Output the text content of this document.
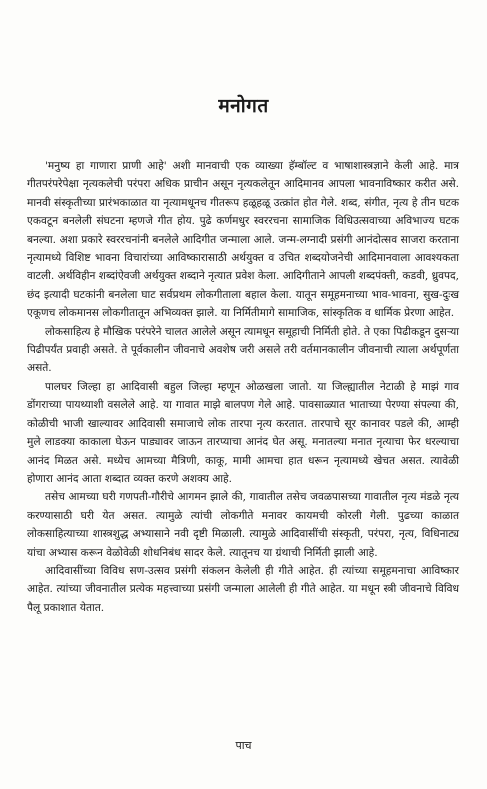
मनोगत

'मनुष्य हा गाणारा प्राणी आहे' अशी मानवाची एक व्याख्या हॅम्बॉल्ट व भाषाशास्त्रज्ञाने केली आहे. मात्र गीतपरंपरेपेक्षा नृत्यकलेची परंपरा अधिक प्राचीन असून नृत्यकलेतून आदिमानव आपला भावनाविष्कार करीत असे. मानवी संस्कृतीच्या प्रारंभकाळात या नृत्यामधूनच गीतरूप हळूहळू उत्क्रांत होत गेले. शब्द, संगीत, नृत्य हे तीन घटक एकवटून बनलेली संघटना म्हणजे गीत होय. पुढे कर्णमधुर स्वररचना सामाजिक विधिउत्सवाच्या अविभाज्य घटक बनल्या. अशा प्रकारे स्वररचनांनी बनलेले आदिगीत जन्माला आले. जन्म-लग्नादी प्रसंगी आनंदोत्सव साजरा करताना नृत्यामध्ये विशिष्ट भावना विचारांच्या आविष्कारासाठी अर्थयुक्त व उचित शब्दयोजनेची आदिमानवाला आवश्यकता वाटली. अर्थविहीन शब्दांऐवजी अर्थयुक्त शब्दाने नृत्यात प्रवेश केला. आदिगीताने आपली शब्दपंक्ती, कडवी, ध्रुवपद, छंद इत्यादी घटकांनी बनलेला घाट सर्वप्रथम लोकगीताला बहाल केला. यातून समूहमनाच्या भाव-भावना, सुख-दुःख एकूणच लोकमानस लोकगीतातून अभिव्यक्त झाले. या निर्मितीमागे सामाजिक, सांस्कृतिक व धार्मिक प्रेरणा आहेत.

लोकसाहित्य हे मौखिक परंपरेने चालत आलेले असून त्यामधून समूहाची निर्मिती होते. ते एका पिढीकडून दुसऱ्या पिढीपर्यंत प्रवाही असते. ते पूर्वकालीन जीवनाचे अवशेष जरी असले तरी वर्तमानकालीन जीवनाची त्याला अर्थपूर्णता असते.

पालघर जिल्हा हा आदिवासी बहुल जिल्हा म्हणून ओळखला जातो. या जिल्ह्यातील नेटाळी हे माझं गाव डोंगराच्या पायथ्याशी वसलेले आहे. या गावात माझे बालपण गेले आहे. पावसाळ्यात भाताच्या पेरण्या संपल्या की, कोळीची भाजी खाल्यावर आदिवासी समाजाचे लोक तारपा नृत्य करतात. तारपाचे सूर कानावर पडले की, आम्ही मुले लाडक्या काकाला घेऊन पाड्यावर जाऊन तारप्याचा आनंद घेत असू. मनातल्या मनात नृत्याचा फेर धरल्याचा आनंद मिळत असे. मध्येच आमच्या मैत्रिणी, काकू, मामी आमचा हात धरून नृत्यामध्ये खेचत असत. त्यावेळी होणारा आनंद आता शब्दात व्यक्त करणे अशक्य आहे.

तसेच आमच्या घरी गणपती-गौरीचे आगमन झाले की, गावातील तसेच जवळपासच्या गावातील नृत्य मंडळे नृत्य करण्यासाठी घरी येत असत. त्यामुळे त्यांची लोकगीते मनावर कायमची कोरली गेली. पुढच्या काळात लोकसाहित्याच्या शास्त्रशुद्ध अभ्यासाने नवी दृष्टी मिळाली. त्यामुळे आदिवासींची संस्कृती, परंपरा, नृत्य, विधिनाट्य यांचा अभ्यास करून वेळोवेळी शोधनिबंध सादर केले. त्यातूनच या ग्रंथाची निर्मिती झाली आहे.

आदिवासींच्या विविध सण-उत्सव प्रसंगी संकलन केलेली ही गीते आहेत. ही त्यांच्या समूहमनाचा आविष्कार आहेत. त्यांच्या जीवनातील प्रत्येक महत्त्वाच्या प्रसंगी जन्माला आलेली ही गीते आहेत. या मधून स्त्री जीवनाचे विविध पैलू प्रकाशात येतात.

पाच
